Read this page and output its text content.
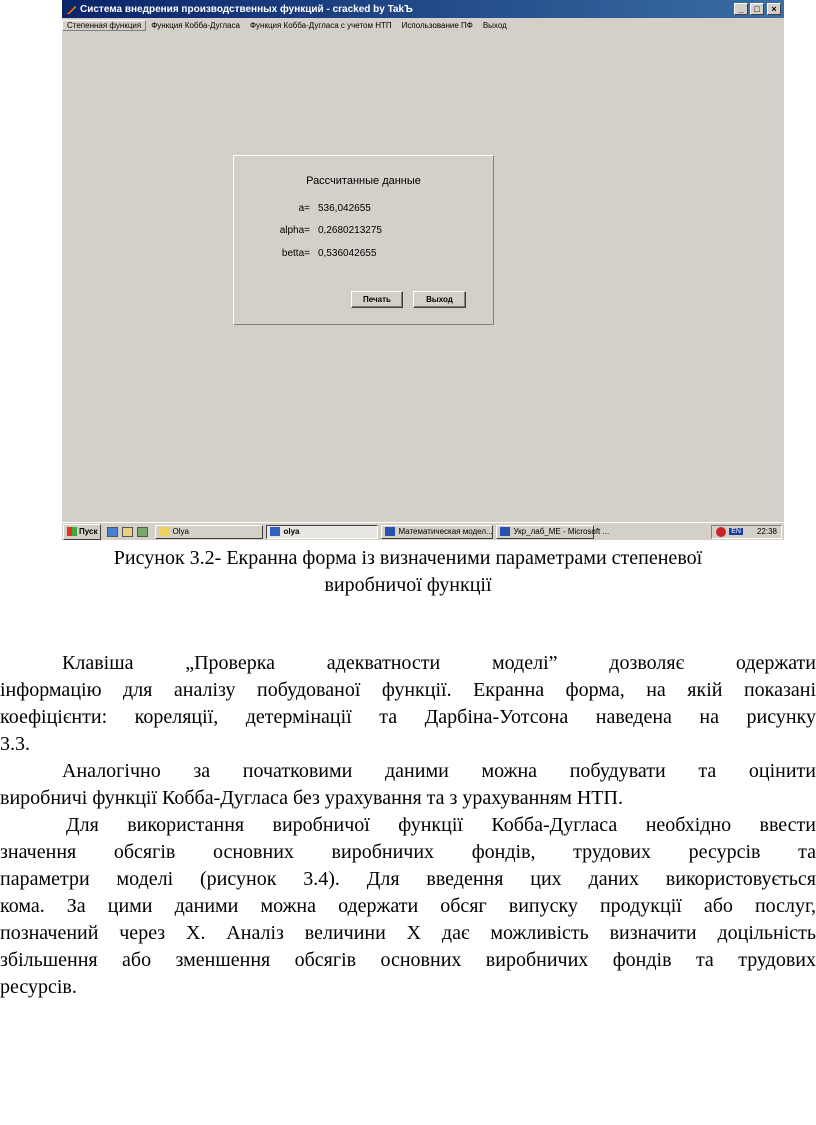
Система внедрения производственных функций - cracked by TakЪ	_	□	×
Степенная функция	Функция Кобба-Дугласа	Функция Кобба-Дугласа с учетом НТП	Использование ПФ	Выход
Рассчитанные данные
a= 536,042655
alpha= 0,2680213275
betta= 0,536042655
Печать	Выход
Пуск	Olya	olya	Математическая модел...	Укр_лаб_ME - Microsoft ...	EN 22:38
Рисунок 3.2- Екранна форма із визначеними параметрами степеневої
виробничої функції
Клавіша „Проверка адекватности моделі” дозволяє одержати
інформацію для аналізу побудованої функції. Екранна форма, на якій показані
коефіцієнти: кореляції, детермінації та Дарбіна-Уотсона наведена на рисунку
3.3.
Аналогічно за початковими даними можна побудувати та оцінити
виробничі функції Кобба-Дугласа без урахування та з урахуванням НТП.
Для використання виробничої функції Кобба-Дугласа необхідно ввести
значення обсягів основних виробничих фондів, трудових ресурсів та
параметри моделі (рисунок 3.4). Для введення цих даних використовується
кома. За цими даними можна одержати обсяг випуску продукції або послуг,
позначений через Х. Аналіз величини Х дає можливість визначити доцільність
збільшення або зменшення обсягів основних виробничих фондів та трудових
ресурсів.
